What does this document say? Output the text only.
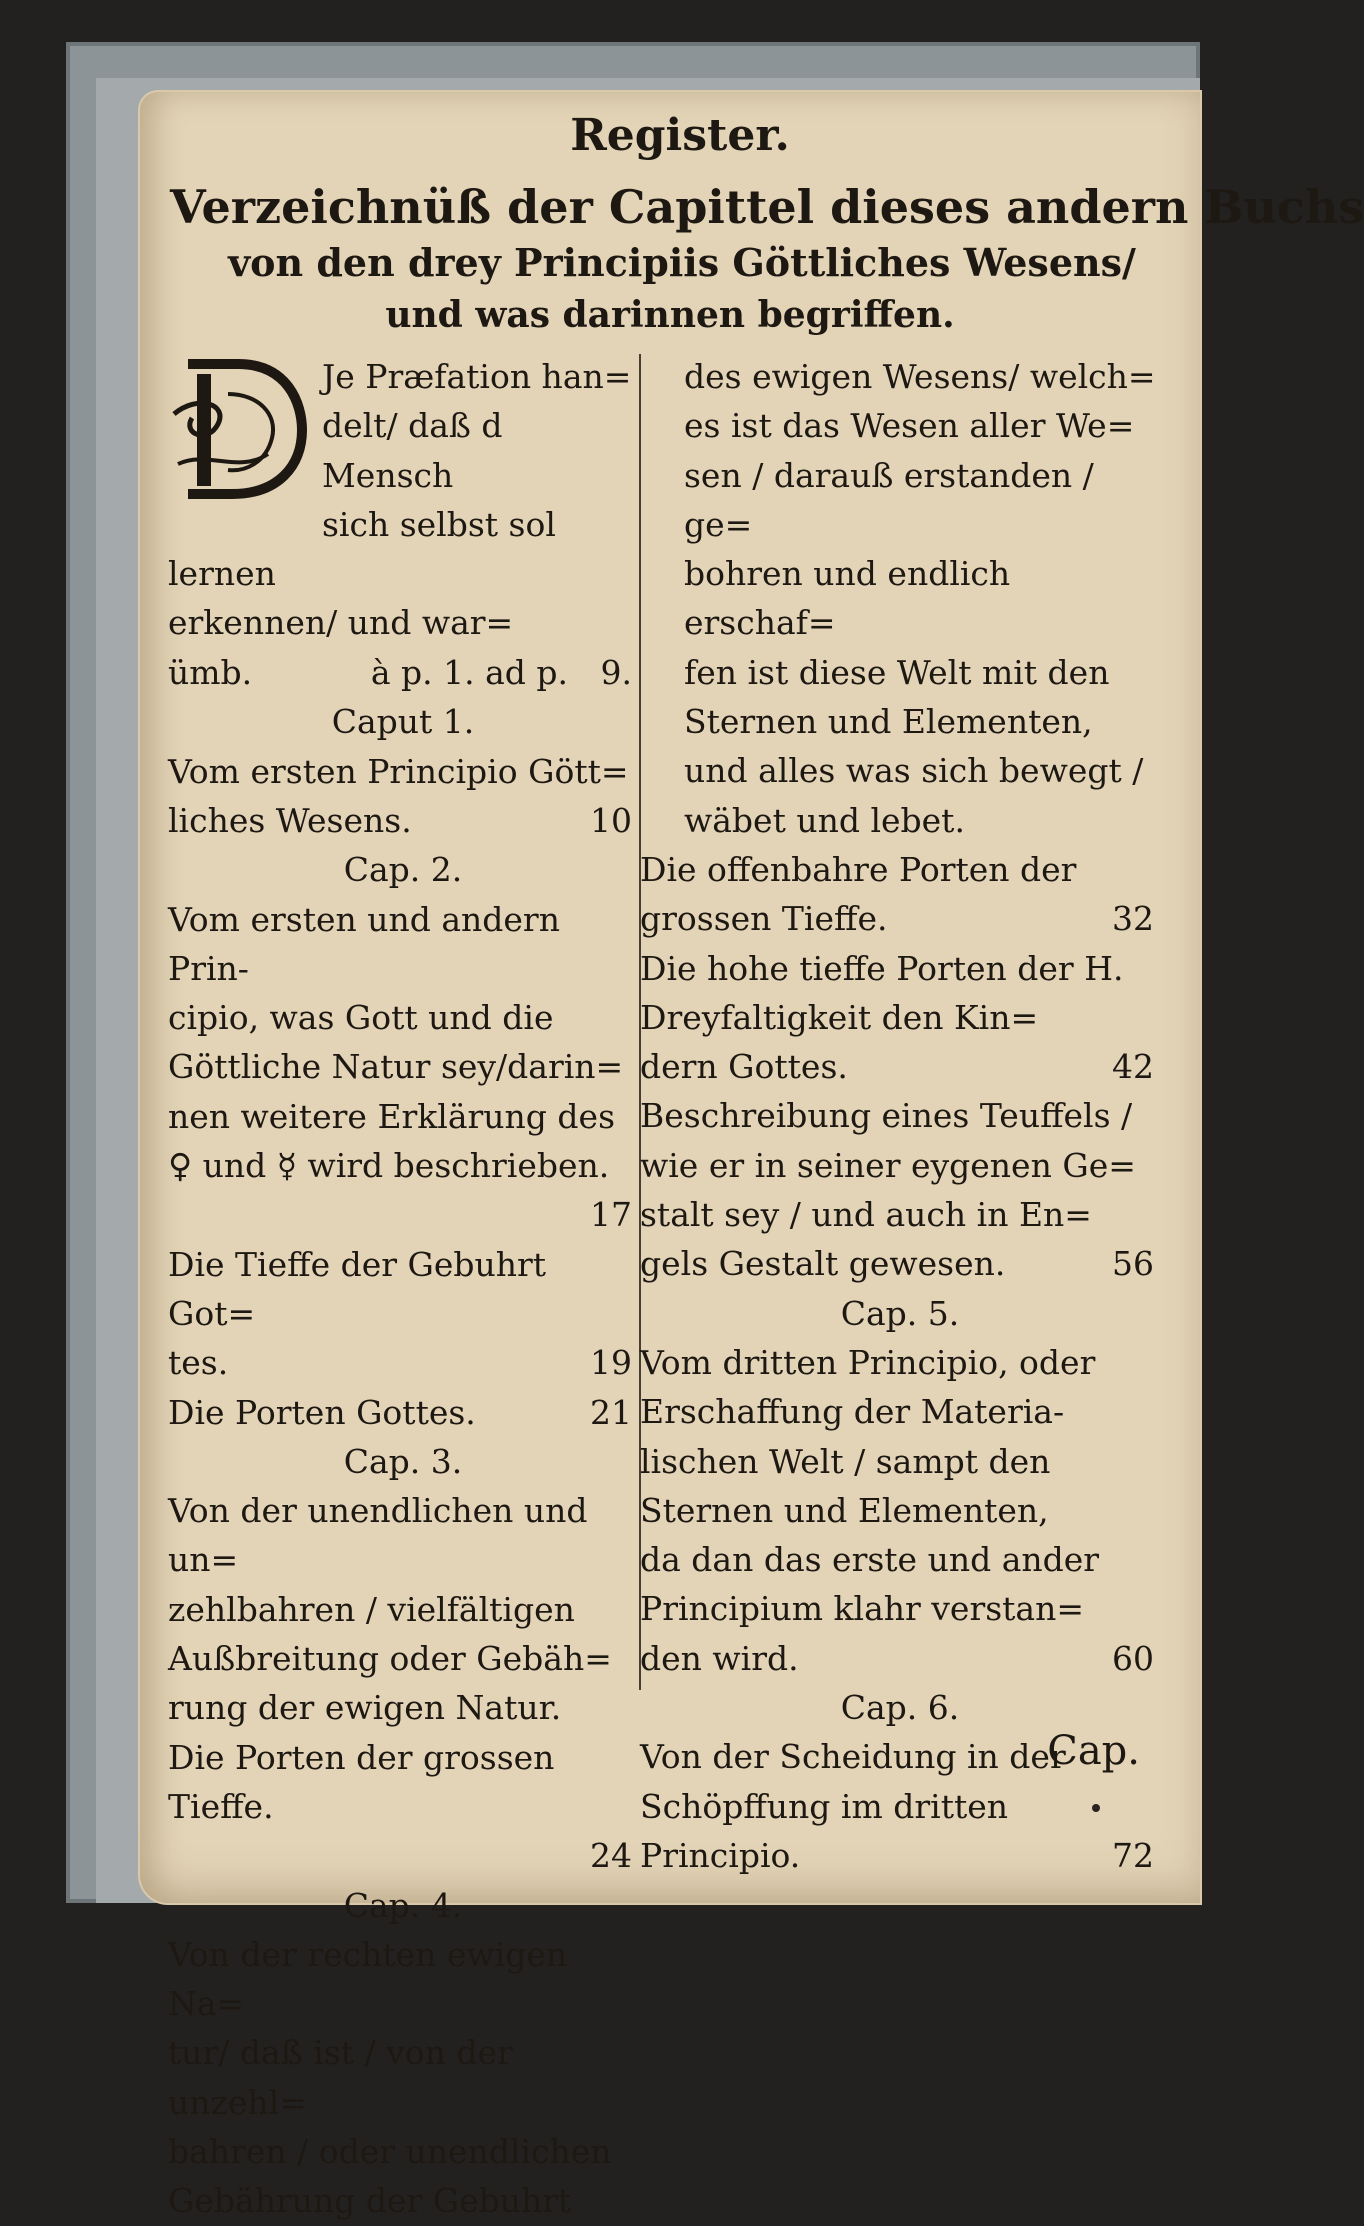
Register.
Verzeichnüß der Capittel dieses andern Buchs
von den drey Principiis Göttliches Wesens/
und was darinnen begriffen.
Je Præfation han=
delt/ daß d Mensch
sich selbst sol lernen
erkennen/ und war=
ümb.	à p. 1. ad p. 9.
Caput 1.
Vom ersten Principio Gött=
liches Wesens.	10
Cap. 2.
Vom ersten und andern Prin-
cipio, was Gott und die
Göttliche Natur sey/darin=
nen weitere Erklärung des
♀ und ☿ wird beschrieben.
17
Die Tieffe der Gebuhrt Got=
tes.	19
Die Porten Gottes.	21
Cap. 3.
Von der unendlichen und un=
zehlbahren / vielfältigen
Außbreitung oder Gebäh=
rung der ewigen Natur.
Die Porten der grossen Tieffe.
24
Cap. 4.
Von der rechten ewigen Na=
tur/ daß ist / von der unzehl=
bahren / oder unendlichen
Gebährung der Gebuhrt
des ewigen Wesens/ welch=
es ist das Wesen aller We=
sen / darauß erstanden / ge=
bohren und endlich erschaf=
fen ist diese Welt mit den
Sternen und Elementen,
und alles was sich bewegt /
wäbet und lebet.
Die offenbahre Porten der
grossen Tieffe.	32
Die hohe tieffe Porten der H.
Dreyfaltigkeit den Kin=
dern Gottes.	42
Beschreibung eines Teuffels /
wie er in seiner eygenen Ge=
stalt sey / und auch in En=
gels Gestalt gewesen.	56
Cap. 5.
Vom dritten Principio, oder
Erschaffung der Materia-
lischen Welt / sampt den
Sternen und Elementen,
da dan das erste und ander
Principium klahr verstan=
den wird.	60
Cap. 6.
Von der Scheidung in der
Schöpffung im dritten
Principio.	72
Cap.
